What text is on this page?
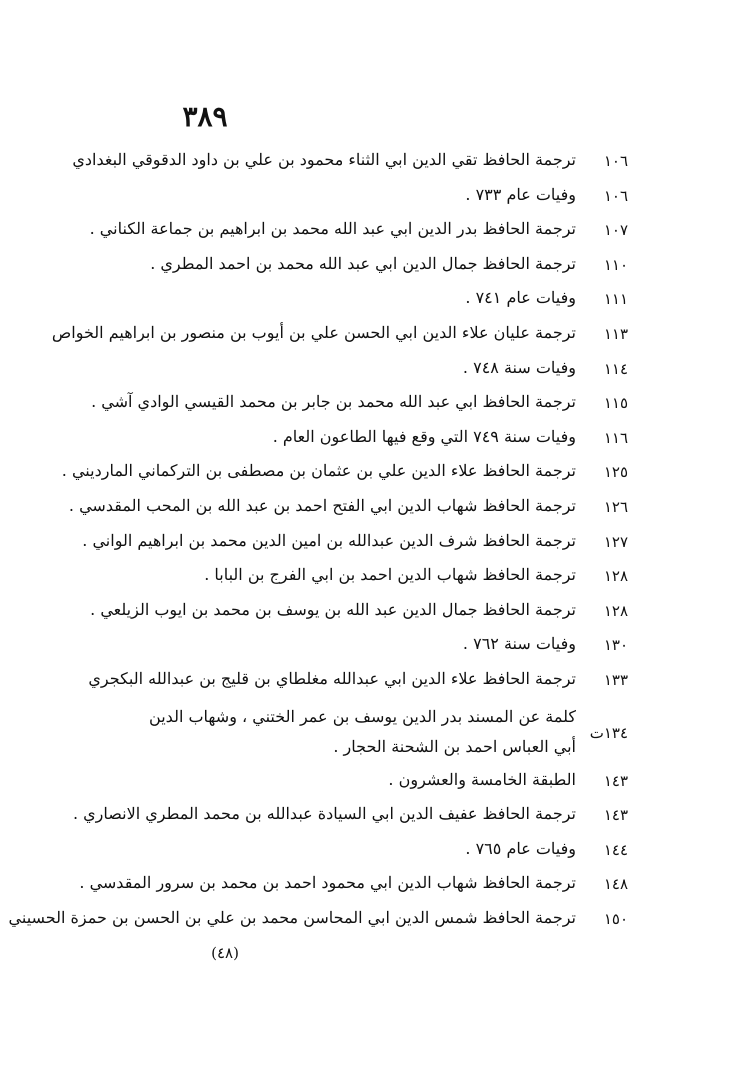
٣٨٩
١٠٦
ترجمة الحافظ تقي الدين ابي الثناء محمود بن علي بن داود الدقوقي البغدادي
١٠٦
وفيات عام ٧٣٣ .
١٠٧
ترجمة الحافظ بدر الدين ابي عبد الله محمد بن ابراهيم بن جماعة الكناني .
١١٠
ترجمة الحافظ جمال الدين ابي عبد الله محمد بن احمد المطري .
١١١
وفيات عام ٧٤١ .
١١٣
ترجمة عليان علاء الدين ابي الحسن علي بن أيوب بن منصور بن ابراهيم الخواص
١١٤
وفيات سنة ٧٤٨ .
١١٥
ترجمة الحافظ ابي عبد الله محمد بن جابر بن محمد القيسي الوادي آشي .
١١٦
وفيات سنة ٧٤٩ التي وقع فيها الطاعون العام .
١٢٥
ترجمة الحافظ علاء الدين علي بن عثمان بن مصطفى بن التركماني المارديني .
١٢٦
ترجمة الحافظ شهاب الدين ابي الفتح احمد بن عبد الله بن المحب المقدسي .
١٢٧
ترجمة الحافظ شرف الدين عبدالله بن امين الدين محمد بن ابراهيم الواني .
١٢٨
ترجمة الحافظ شهاب الدين احمد بن ابي الفرج بن البابا .
١٢٨
ترجمة الحافظ جمال الدين عبد الله بن يوسف بن محمد بن ايوب الزيلعي .
١٣٠
وفيات سنة ٧٦٢ .
١٣٣
ترجمة الحافظ علاء الدين ابي عبدالله مغلطاي بن قليج بن عبدالله البكجري
١٣٤ت
كلمة عن المسند بدر الدين يوسف بن عمر الختني ، وشهاب الدين أبي العباس احمد بن الشحنة الحجار .
١٤٣
الطبقة الخامسة والعشرون .
١٤٣
ترجمة الحافظ عفيف الدين ابي السيادة عبدالله بن محمد المطري الانصاري .
١٤٤
وفيات عام ٧٦٥ .
١٤٨
ترجمة الحافظ شهاب الدين ابي محمود احمد بن محمد بن سرور المقدسي .
١٥٠
ترجمة الحافظ شمس الدين ابي المحاسن محمد بن علي بن الحسن بن حمزة الحسيني
(٤٨)
